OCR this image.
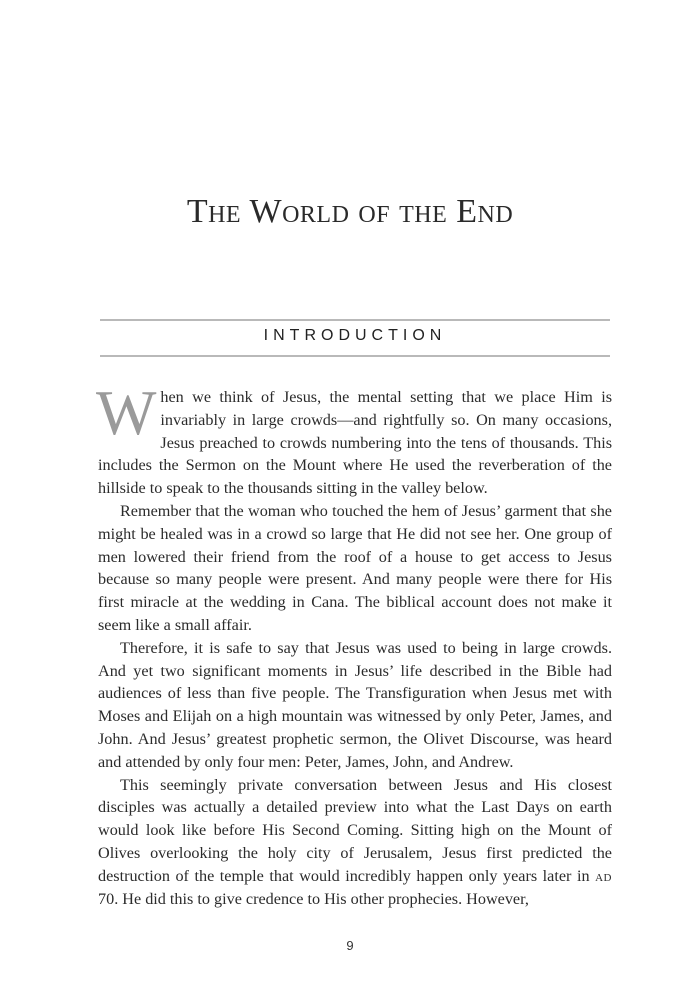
The World of the End
INTRODUCTION

When we think of Jesus, the mental setting that we place Him is invariably in large crowds—and rightfully so. On many occasions, Jesus preached to crowds numbering into the tens of thousands. This includes the Sermon on the Mount where He used the reverberation of the hillside to speak to the thousands sitting in the valley below.

Remember that the woman who touched the hem of Jesus’ garment that she might be healed was in a crowd so large that He did not see her. One group of men lowered their friend from the roof of a house to get access to Jesus because so many people were present. And many people were there for His first miracle at the wedding in Cana. The biblical account does not make it seem like a small affair.

Therefore, it is safe to say that Jesus was used to being in large crowds. And yet two significant moments in Jesus’ life described in the Bible had audiences of less than five people. The Transfiguration when Jesus met with Moses and Elijah on a high mountain was witnessed by only Peter, James, and John. And Jesus’ greatest prophetic sermon, the Olivet Discourse, was heard and attended by only four men: Peter, James, John, and Andrew.

This seemingly private conversation between Jesus and His closest disciples was actually a detailed preview into what the Last Days on earth would look like before His Second Coming. Sitting high on the Mount of Olives overlooking the holy city of Jerusalem, Jesus first predicted the destruction of the temple that would incredibly happen only years later in ad 70. He did this to give credence to His other prophecies. However,

9
